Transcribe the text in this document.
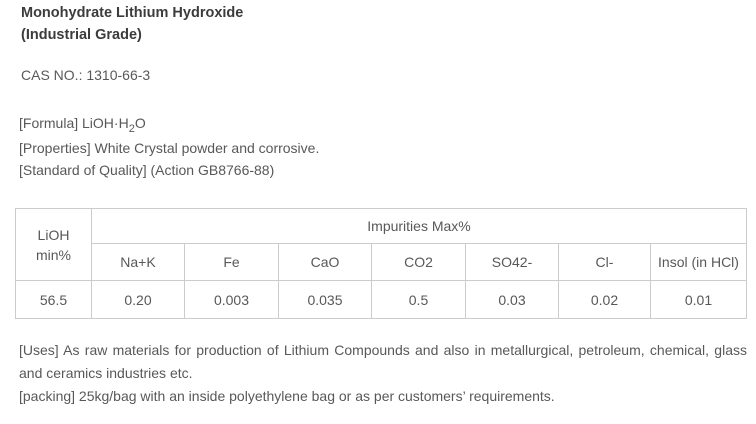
Monohydrate Lithium Hydroxide
(Industrial Grade)
CAS NO.: 1310-66-3
[Formula] $LiOH\cdot H_2O$
[Properties] White Crystal powder and corrosive.
[Standard of Quality] (Action GB8766-88)
LiOH
min%	Impurities Max%						
	Na+K	Fe	CaO	CO2	SO42-	Cl-	Insol (in HCl)
56.5	0.20	0.003	0.035	0.5	0.03	0.02	0.01
[Uses] As raw materials for production of Lithium Compounds and also in metallurgical, petroleum, chemical, glass and ceramics industries etc.
[packing] 25kg/bag with an inside polyethylene bag or as per customers’ requirements.
